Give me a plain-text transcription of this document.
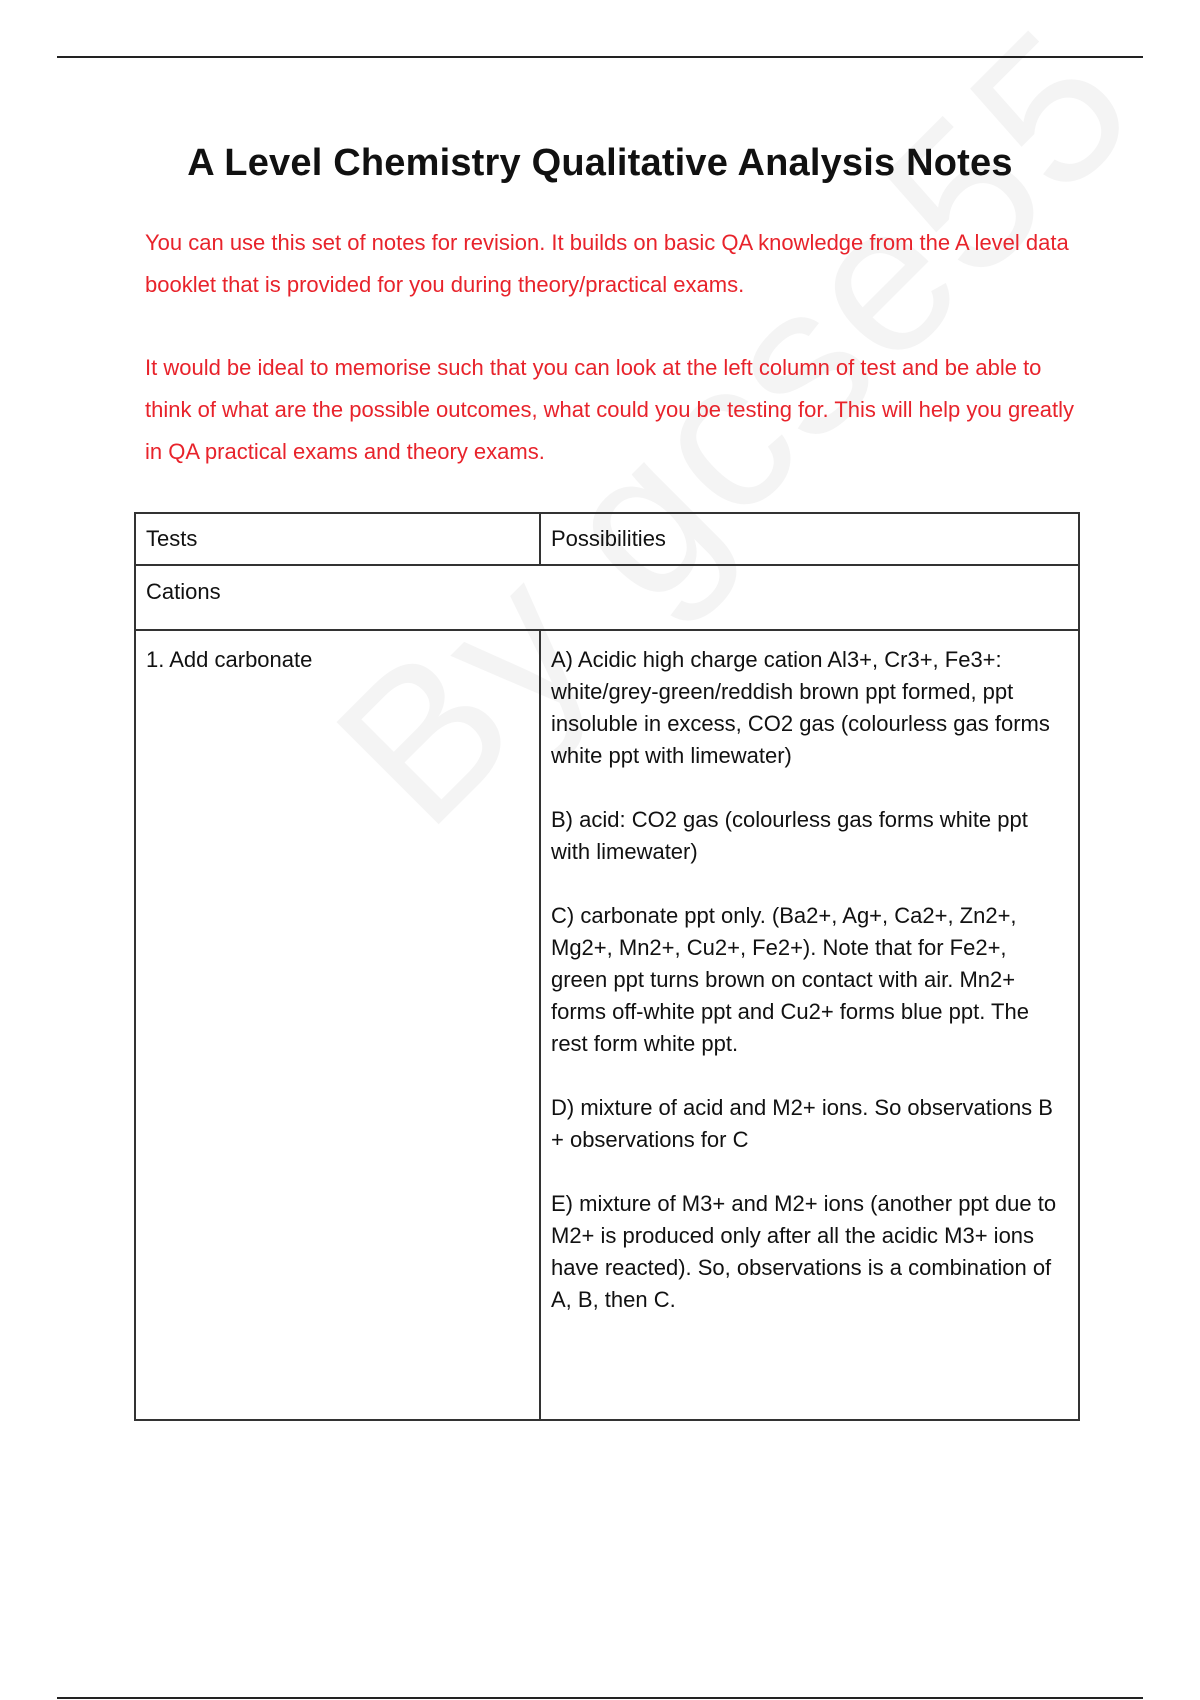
A Level Chemistry Qualitative Analysis Notes

You can use this set of notes for revision. It builds on basic QA knowledge from the A level data booklet that is provided for you during theory/practical exams.

It would be ideal to memorise such that you can look at the left column of test and be able to think of what are the possible outcomes, what could you be testing for. This will help you greatly in QA practical exams and theory exams.

Tests	Possibilities
Cations	
1. Add carbonate	A) Acidic high charge cation Al3+, Cr3+, Fe3+: white/grey-green/reddish brown ppt formed, ppt insoluble in excess, CO2 gas (colourless gas forms white ppt with limewater)

B) acid: CO2 gas (colourless gas forms white ppt with limewater)

C) carbonate ppt only. (Ba2+, Ag+, Ca2+, Zn2+, Mg2+, Mn2+, Cu2+, Fe2+). Note that for Fe2+, green ppt turns brown on contact with air. Mn2+ forms off-white ppt and Cu2+ forms blue ppt. The rest form white ppt.

D) mixture of acid and M2+ ions. So observations B + observations for C

E) mixture of M3+ and M2+ ions (another ppt due to M2+ is produced only after all the acidic M3+ ions have reacted). So, observations is a combination of A, B, then C.
